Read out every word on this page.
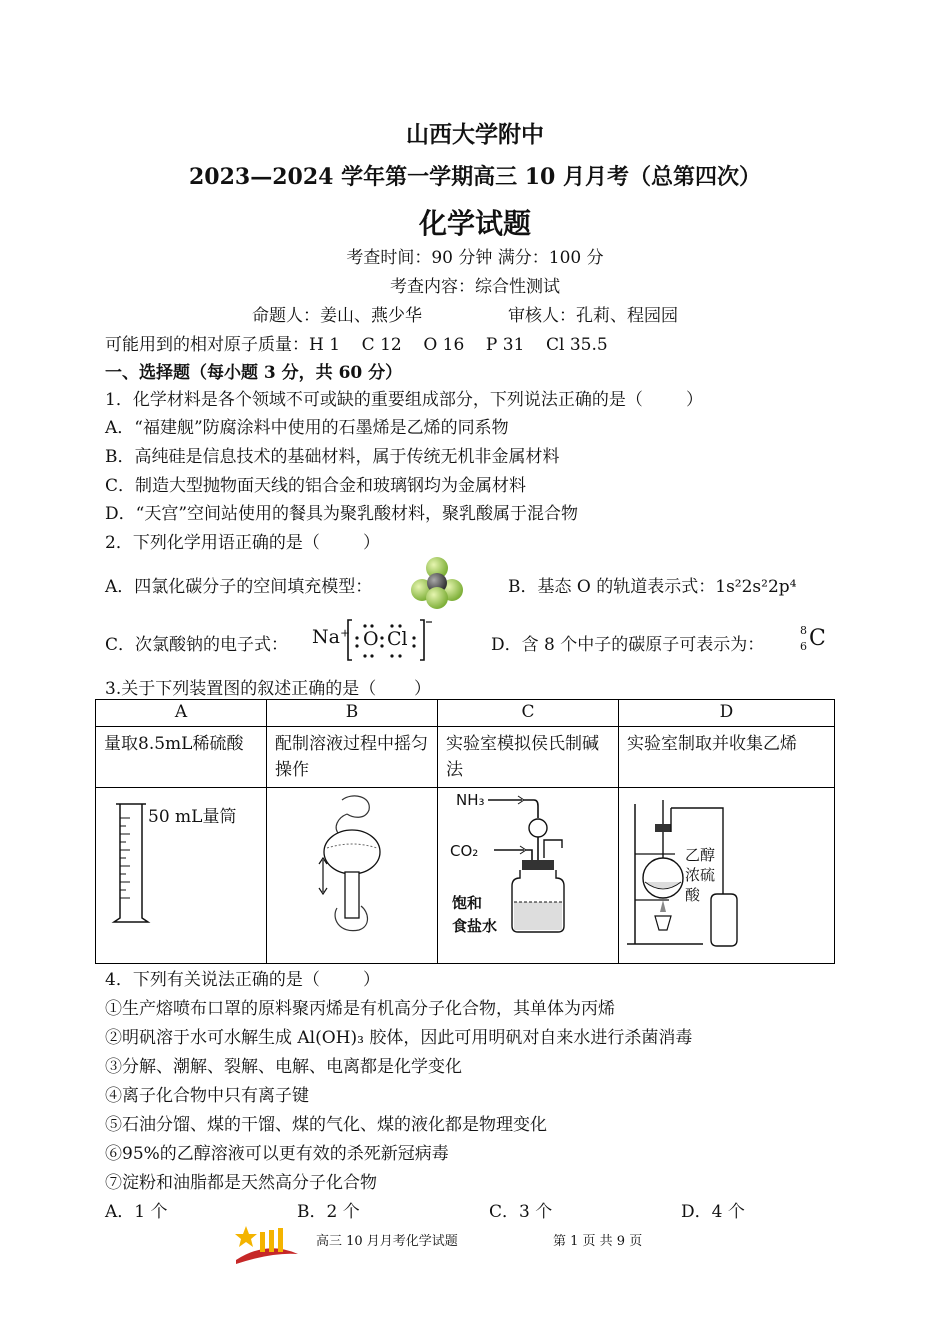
山西大学附中
2023—2024 学年第一学期高三 10 月月考（总第四次）
化学试题
考查时间：90 分钟 满分：100 分
考查内容：综合性测试
命题人：姜山、燕少华	审核人：孔莉、程园园
可能用到的相对原子质量：H 1    C 12    O 16    P 31    Cl 35.5
一、选择题（每小题 3 分，共 60 分）
1．化学材料是各个领域不可或缺的重要组成部分，下列说法正确的是（        ）
A．“福建舰”防腐涂料中使用的石墨烯是乙烯的同系物
B．高纯硅是信息技术的基础材料，属于传统无机非金属材料
C．制造大型抛物面天线的铝合金和玻璃钢均为金属材料
D．“天宫”空间站使用的餐具为聚乳酸材料，聚乳酸属于混合物
2．下列化学用语正确的是（        ）
A．四氯化碳分子的空间填充模型：	B．基态 O 的轨道表示式：1s²2s²2p⁴
C．次氯酸钠的电子式： Na⁺ O Cl	D．含 8 个中子的碳原子可表示为：
8
6 C
3.关于下列装置图的叙述正确的是（       ）
A	B	C	D
量取8.5mL稀硫酸	配制溶液过程中摇匀操作	实验室模拟侯氏制碱法	实验室制取并收集乙烯

50 mL量筒		NH₃
CO₂
饱和
食盐水	乙醇
浓硫
酸
4．下列有关说法正确的是（        ）
①生产熔喷布口罩的原料聚丙烯是有机高分子化合物，其单体为丙烯
②明矾溶于水可水解生成 Al(OH)₃ 胶体，因此可用明矾对自来水进行杀菌消毒
③分解、潮解、裂解、电解、电离都是化学变化
④离子化合物中只有离子键
⑤石油分馏、煤的干馏、煤的气化、煤的液化都是物理变化
⑥95%的乙醇溶液可以更有效的杀死新冠病毒
⑦淀粉和油脂都是天然高分子化合物
A．1 个	B．2 个	C．3 个	D．4 个
高三 10 月月考化学试题	第 1 页 共 9 页
